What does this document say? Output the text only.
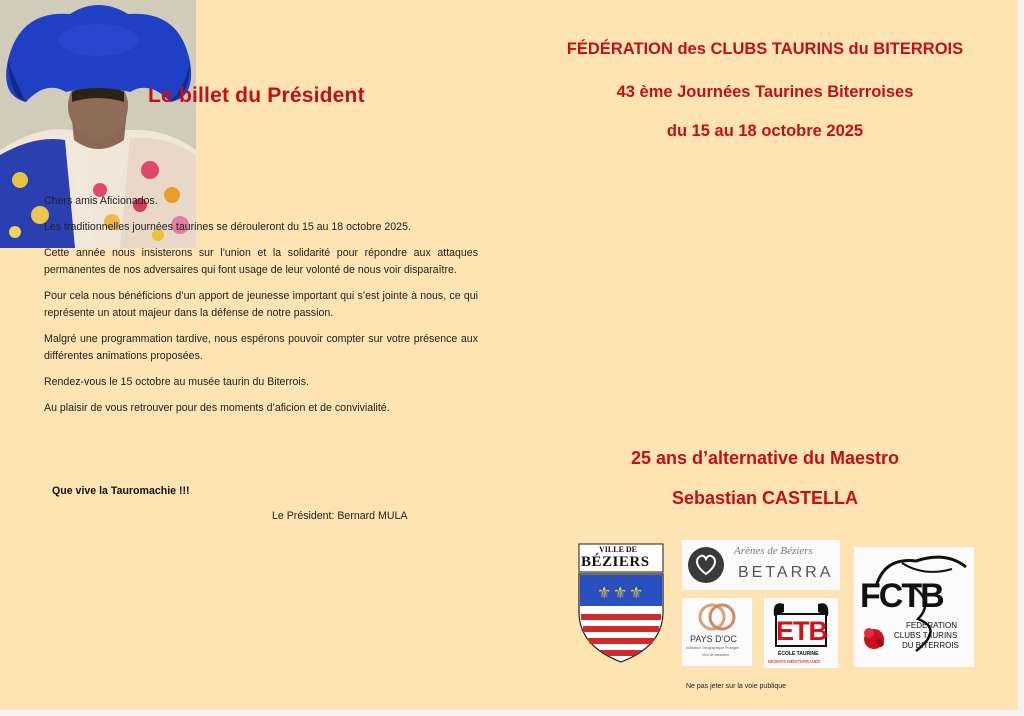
.
Le billet du Président

Chers amis Aficionados.

Les traditionnelles journées taurines se dérouleront du 15 au 18 octobre 2025.

Cette année nous insisterons sur l’union et la solidarité pour répondre aux attaques permanentes de nos adversaires qui font usage de leur volonté de nous voir disparaître.

Pour cela nous bénéficions d’un apport de jeunesse important qui s’est jointe à nous, ce qui représente un atout majeur dans la défense de notre passion.

Malgré une programmation tardive, nous espérons pouvoir compter sur votre présence aux différentes animations proposées.

Rendez-vous le 15 octobre au musée taurin du Biterrois.

Au plaisir de vous retrouver pour des moments d’aficion et de convivialité.

Que vive la Tauromachie !!!
Le Président: Bernard MULA
FÉDÉRATION des CLUBS TAURINS du BITERROIS
43 ème Journées Taurines Biterroises
du 15 au 18 octobre 2025
25 ans d’alternative du Maestro
Sebastian CASTELLA
⚜ ⚜ ⚜
VILLE DE
BÉZIERS
Arènes de Béziers
BETARRA
PAYS D'OC
Indication Géographique Protégée
Vins de caractère
ETB
ÉCOLE TAURINE
BÉZIERS MÉDITERRANÉE
FCTB
FEDERATION
CLUBS TAURINS
DU BITERROIS
Ne pas jeter sur la voie publique
